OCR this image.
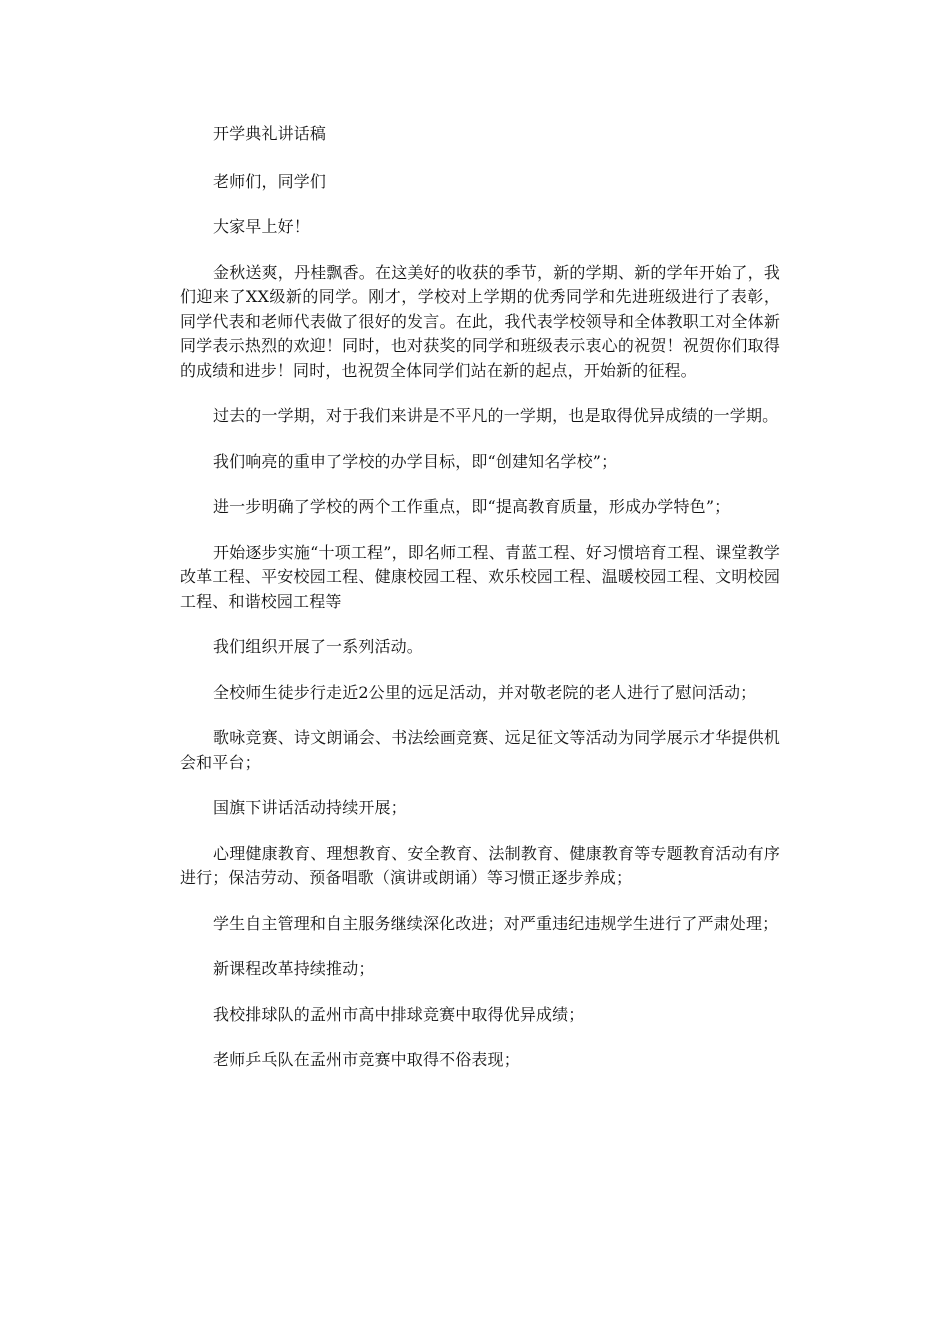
开学典礼讲话稿

老师们，同学们

大家早上好！

金秋送爽，丹桂飘香。在这美好的收获的季节，新的学期、新的学年开始了，我们迎来了XX级新的同学。刚才，学校对上学期的优秀同学和先进班级进行了表彰，同学代表和老师代表做了很好的发言。在此，我代表学校领导和全体教职工对全体新同学表示热烈的欢迎！同时，也对获奖的同学和班级表示衷心的祝贺！祝贺你们取得的成绩和进步！同时，也祝贺全体同学们站在新的起点，开始新的征程。

过去的一学期，对于我们来讲是不平凡的一学期，也是取得优异成绩的一学期。

我们响亮的重申了学校的办学目标，即“创建知名学校”；

进一步明确了学校的两个工作重点，即“提高教育质量，形成办学特色”；

开始逐步实施“十项工程”，即名师工程、青蓝工程、好习惯培育工程、课堂教学改革工程、平安校园工程、健康校园工程、欢乐校园工程、温暖校园工程、文明校园工程、和谐校园工程等

我们组织开展了一系列活动。

全校师生徒步行走近2公里的远足活动，并对敬老院的老人进行了慰问活动；

歌咏竞赛、诗文朗诵会、书法绘画竞赛、远足征文等活动为同学展示才华提供机会和平台；

国旗下讲话活动持续开展；

心理健康教育、理想教育、安全教育、法制教育、健康教育等专题教育活动有序进行；保洁劳动、预备唱歌（演讲或朗诵）等习惯正逐步养成；

学生自主管理和自主服务继续深化改进；对严重违纪违规学生进行了严肃处理；

新课程改革持续推动；

我校排球队的孟州市高中排球竞赛中取得优异成绩；

老师乒乓队在孟州市竞赛中取得不俗表现；
